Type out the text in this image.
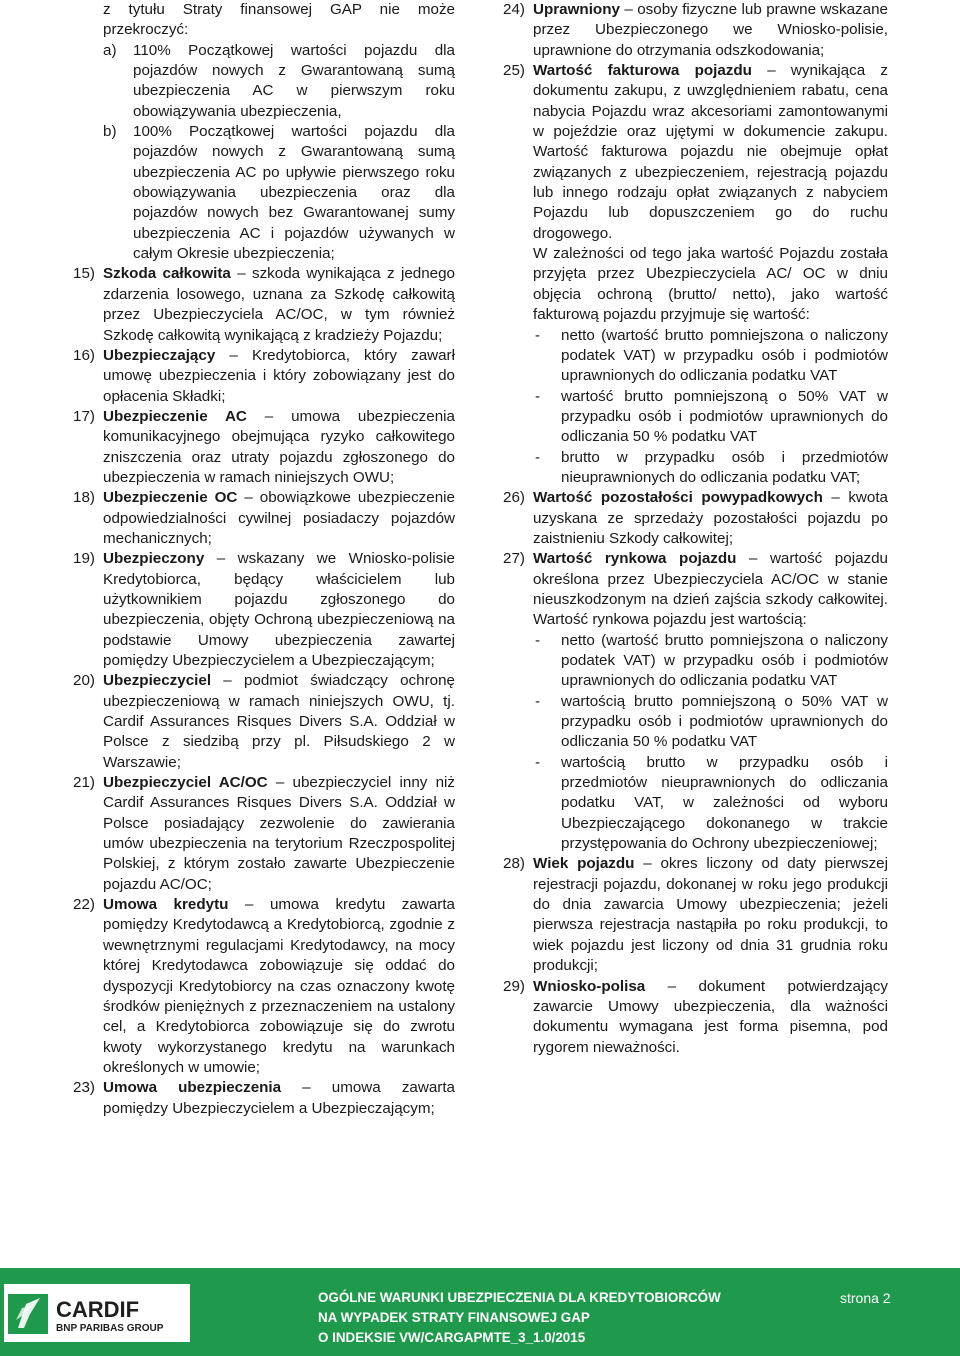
z tytułu Straty finansowej GAP nie może przekroczyć:
a) 110% Początkowej wartości pojazdu dla pojazdów nowych z Gwarantowaną sumą ubezpieczenia AC w pierwszym roku obowiązywania ubezpieczenia,
b) 100% Początkowej wartości pojazdu dla pojazdów nowych z Gwarantowaną sumą ubezpieczenia AC po upływie pierwszego roku obowiązywania ubezpieczenia oraz dla pojazdów nowych bez Gwarantowanej sumy ubezpieczenia AC i pojazdów używanych w całym Okresie ubezpieczenia;
15) Szkoda całkowita – szkoda wynikająca z jednego zdarzenia losowego, uznana za Szkodę całkowitą przez Ubezpieczyciela AC/OC, w tym również Szkodę całkowitą wynikającą z kradzieży Pojazdu;
16) Ubezpieczający – Kredytobiorca, który zawarł umowę ubezpieczenia i który zobowiązany jest do opłacenia Składki;
17) Ubezpieczenie AC – umowa ubezpieczenia komunikacyjnego obejmująca ryzyko całkowitego zniszczenia oraz utraty pojazdu zgłoszonego do ubezpieczenia w ramach niniejszych OWU;
18) Ubezpieczenie OC – obowiązkowe ubezpieczenie odpowiedzialności cywilnej posiadaczy pojazdów mechanicznych;
19) Ubezpieczony – wskazany we Wniosko-polisie Kredytobiorca, będący właścicielem lub użytkownikiem pojazdu zgłoszonego do ubezpieczenia, objęty Ochroną ubezpieczeniową na podstawie Umowy ubezpieczenia zawartej pomiędzy Ubezpieczycielem a Ubezpieczającym;
20) Ubezpieczyciel – podmiot świadczący ochronę ubezpieczeniową w ramach niniejszych OWU, tj. Cardif Assurances Risques Divers S.A. Oddział w Polsce z siedzibą przy pl. Piłsudskiego 2 w Warszawie;
21) Ubezpieczyciel AC/OC – ubezpieczyciel inny niż Cardif Assurances Risques Divers S.A. Oddział w Polsce posiadający zezwolenie do zawierania umów ubezpieczenia na terytorium Rzeczpospolitej Polskiej, z którym zostało zawarte Ubezpieczenie pojazdu AC/OC;
22) Umowa kredytu – umowa kredytu zawarta pomiędzy Kredytodawcą a Kredytobiorcą, zgodnie z wewnętrznymi regulacjami Kredytodawcy, na mocy której Kredytodawca zobowiązuje się oddać do dyspozycji Kredytobiorcy na czas oznaczony kwotę środków pieniężnych z przeznaczeniem na ustalony cel, a Kredytobiorca zobowiązuje się do zwrotu kwoty wykorzystanego kredytu na warunkach określonych w umowie;
23) Umowa ubezpieczenia – umowa zawarta pomiędzy Ubezpieczycielem a Ubezpieczającym;
24) Uprawniony – osoby fizyczne lub prawne wskazane przez Ubezpieczonego we Wniosko-polisie, uprawnione do otrzymania odszkodowania;
25) Wartość fakturowa pojazdu – wynikająca z dokumentu zakupu, z uwzględnieniem rabatu, cena nabycia Pojazdu wraz akcesoriami zamontowanymi w pojeździe oraz ujętymi w dokumencie zakupu. Wartość fakturowa pojazdu nie obejmuje opłat związanych z ubezpieczeniem, rejestracją pojazdu lub innego rodzaju opłat związanych z nabyciem Pojazdu lub dopuszczeniem go do ruchu drogowego.
W zależności od tego jaka wartość Pojazdu została przyjęta przez Ubezpieczyciela AC/ OC w dniu objęcia ochroną (brutto/ netto), jako wartość fakturową pojazdu przyjmuje się wartość:
- netto (wartość brutto pomniejszona o naliczony podatek VAT) w przypadku osób i podmiotów uprawnionych do odliczania podatku VAT
- wartość brutto pomniejszoną o 50% VAT w przypadku osób i podmiotów uprawnionych do odliczania 50 % podatku VAT
- brutto w przypadku osób i przedmiotów nieuprawnionych do odliczania podatku VAT;
26) Wartość pozostałości powypadkowych – kwota uzyskana ze sprzedaży pozostałości pojazdu po zaistnieniu Szkody całkowitej;
27) Wartość rynkowa pojazdu – wartość pojazdu określona przez Ubezpieczyciela AC/OC w stanie nieuszkodzonym na dzień zajścia szkody całkowitej. Wartość rynkowa pojazdu jest wartością:
- netto (wartość brutto pomniejszona o naliczony podatek VAT) w przypadku osób i podmiotów uprawnionych do odliczania podatku VAT
- wartością brutto pomniejszoną o 50% VAT w przypadku osób i podmiotów uprawnionych do odliczania 50 % podatku VAT
- wartością brutto w przypadku osób i przedmiotów nieuprawnionych do odliczania podatku VAT, w zależności od wyboru Ubezpieczającego dokonanego w trakcie przystępowania do Ochrony ubezpieczeniowej;
28) Wiek pojazdu – okres liczony od daty pierwszej rejestracji pojazdu, dokonanej w roku jego produkcji do dnia zawarcia Umowy ubezpieczenia; jeżeli pierwsza rejestracja nastąpiła po roku produkcji, to wiek pojazdu jest liczony od dnia 31 grudnia roku produkcji;
29) Wniosko-polisa – dokument potwierdzający zawarcie Umowy ubezpieczenia, dla ważności dokumentu wymagana jest forma pisemna, pod rygorem nieważności.
CARDIF
BNP PARIBAS GROUP
OGÓLNE WARUNKI UBEZPIECZENIA DLA KREDYTOBIORCÓW
NA WYPADEK STRATY FINANSOWEJ GAP
O INDEKSIE VW/CARGAPMTE_3_1.0/2015
strona 2
